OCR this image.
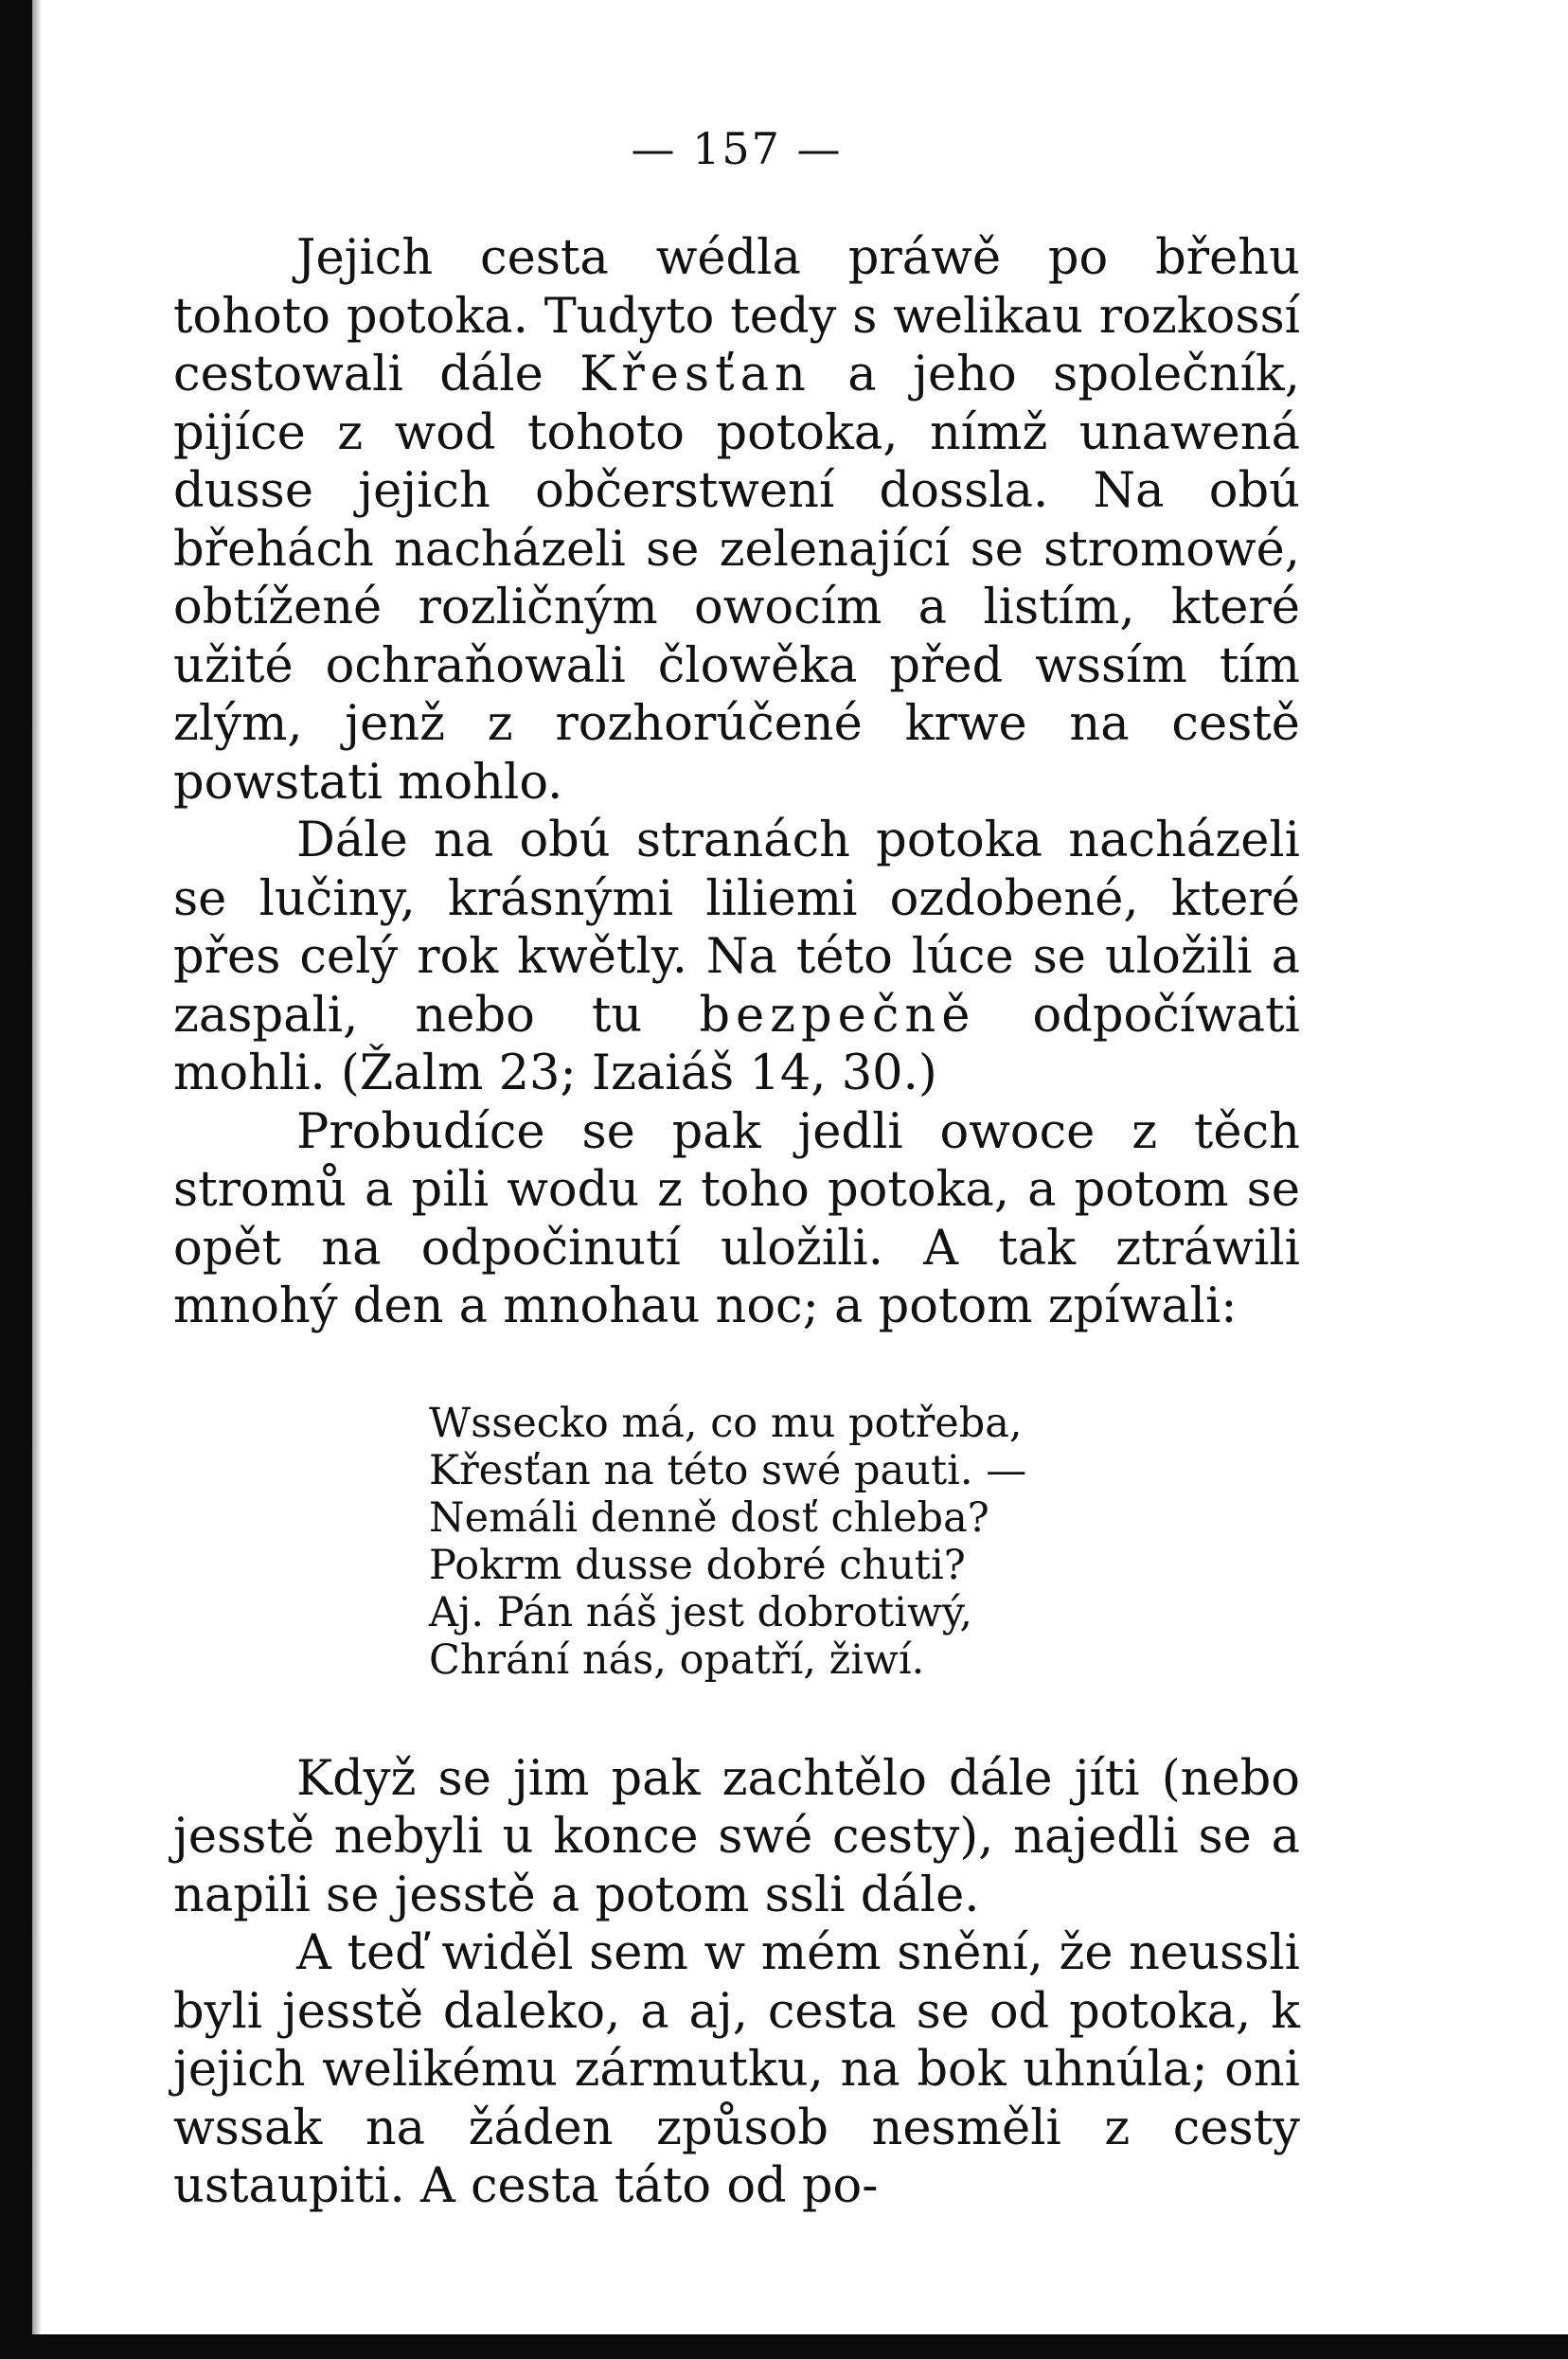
— 157 —

Jejich cesta wédla práwě po břehu tohoto potoka. Tudyto tedy s welikau rozkossí cestowali dále Křesťan a jeho společník, pijíce z wod tohoto potoka, nímž unawená dusse jejich občerstwení dossla. Na obú břehách nacházeli se zelenající se stromowé, obtížené rozličným owocím a listím, které užité ochraňowali člowěka před wssím tím zlým, jenž z rozhorúčené krwe na cestě powstati mohlo.

Dále na obú stranách potoka nacházeli se lučiny, krásnými liliemi ozdobené, které přes celý rok kwětly. Na této lúce se uložili a zaspali, nebo tu bezpečně odpočíwati mohli. (Žalm 23; Izaiáš 14, 30.)

Probudíce se pak jedli owoce z těch stromů a pili wodu z toho potoka, a potom se opět na odpočinutí uložili. A tak ztráwili mnohý den a mnohau noc; a potom zpíwali:

Wssecko má, co mu potřeba,
Křesťan na této swé pauti. —
Nemáli denně dosť chleba?
Pokrm dusse dobré chuti?
Aj. Pán náš jest dobrotiwý,
Chrání nás, opatří, žiwí.

Když se jim pak zachtělo dále jíti (nebo jesstě nebyli u konce swé cesty), najedli se a napili se jesstě a potom ssli dále.

A teď widěl sem w mém snění, že neussli byli jesstě daleko, a aj, cesta se od potoka, k jejich welikému zármutku, na bok uhnúla; oni wssak na žáden způsob nesměli z cesty ustaupiti. A cesta táto od po-
